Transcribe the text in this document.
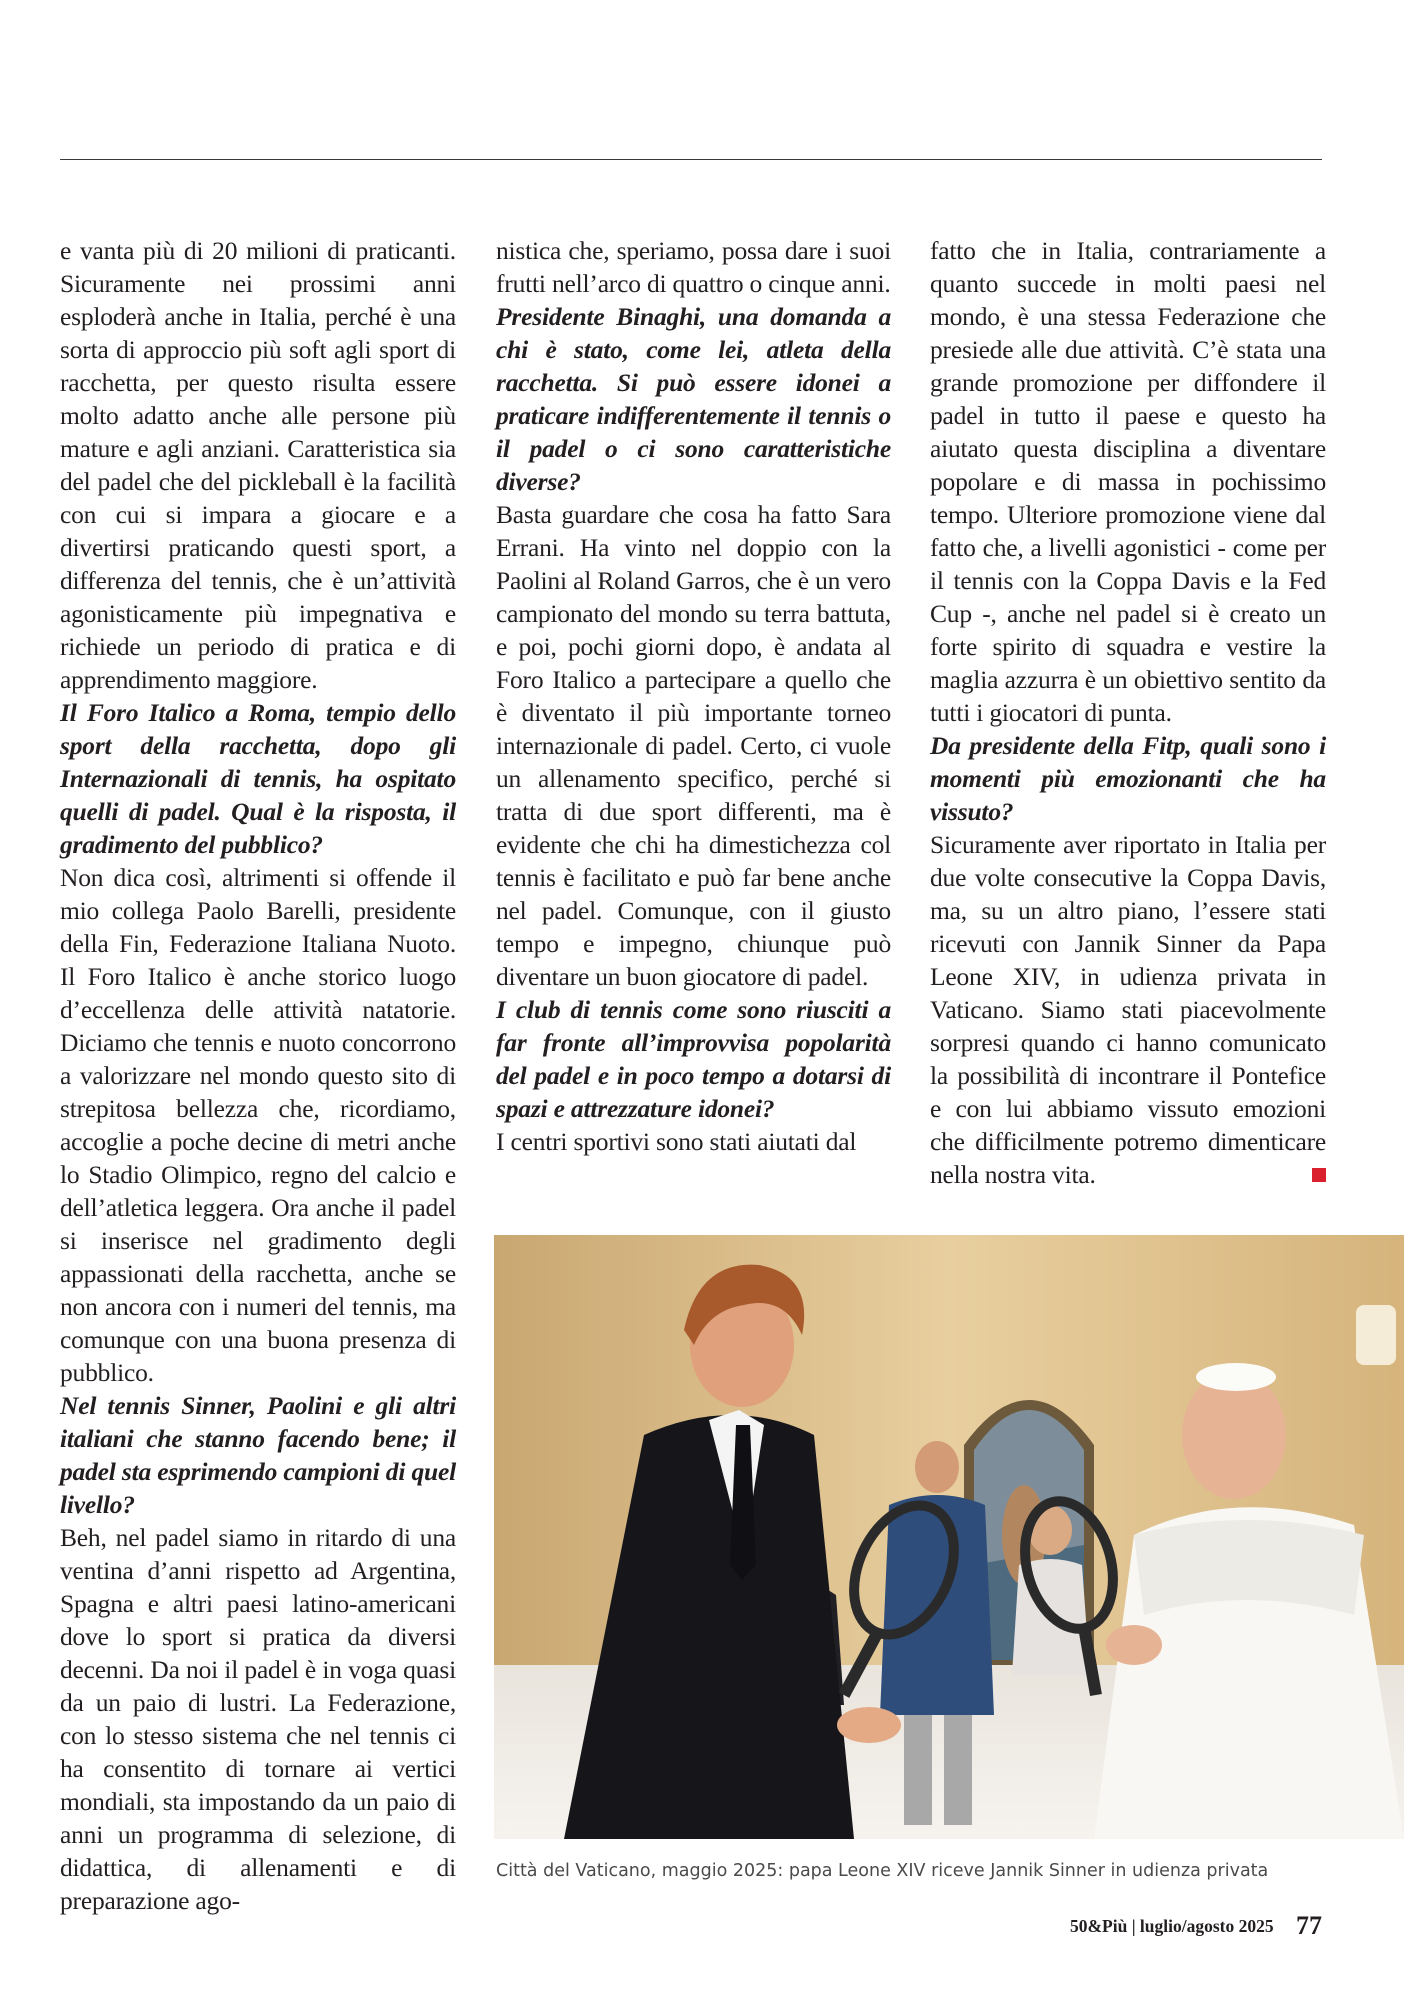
e vanta più di 20 milioni di praticanti. Sicuramente nei prossimi anni esploderà anche in Italia, perché è una sorta di approccio più soft agli sport di racchetta, per questo risulta essere molto adatto anche alle persone più mature e agli anziani. Caratteristica sia del padel che del pickleball è la facilità con cui si impara a giocare e a divertirsi praticando questi sport, a differenza del tennis, che è un’attività agonisticamente più impegnativa e richiede un periodo di pratica e di apprendimento maggiore.

Il Foro Italico a Roma, tempio dello sport della racchetta, dopo gli Internazionali di tennis, ha ospitato quelli di padel. Qual è la risposta, il gradimento del pubblico?

Non dica così, altrimenti si offende il mio collega Paolo Barelli, presidente della Fin, Federazione Italiana Nuoto. Il Foro Italico è anche storico luogo d’eccellenza delle attività natatorie. Diciamo che tennis e nuoto concorrono a valorizzare nel mondo questo sito di strepitosa bellezza che, ricordiamo, accoglie a poche decine di metri anche lo Stadio Olimpico, regno del calcio e dell’atletica leggera. Ora anche il padel si inserisce nel gradimento degli appassionati della racchetta, anche se non ancora con i numeri del tennis, ma comunque con una buona presenza di pubblico.

Nel tennis Sinner, Paolini e gli altri italiani che stanno facendo bene; il padel sta esprimendo campioni di quel livello?

Beh, nel padel siamo in ritardo di una ventina d’anni rispetto ad Argentina, Spagna e altri paesi latino-americani dove lo sport si pratica da diversi decenni. Da noi il padel è in voga quasi da un paio di lustri. La Federazione, con lo stesso sistema che nel tennis ci ha consentito di tornare ai vertici mondiali, sta impostando da un paio di anni un programma di selezione, di didattica, di allenamenti e di preparazione ago-

nistica che, speriamo, possa dare i suoi frutti nell’arco di quattro o cinque anni.

Presidente Binaghi, una domanda a chi è stato, come lei, atleta della racchetta. Si può essere idonei a praticare indifferentemente il tennis o il padel o ci sono caratteristiche diverse?

Basta guardare che cosa ha fatto Sara Errani. Ha vinto nel doppio con la Paolini al Roland Garros, che è un vero campionato del mondo su terra battuta, e poi, pochi giorni dopo, è andata al Foro Italico a partecipare a quello che è diventato il più importante torneo internazionale di padel. Certo, ci vuole un allenamento specifico, perché si tratta di due sport differenti, ma è evidente che chi ha dimestichezza col tennis è facilitato e può far bene anche nel padel. Comunque, con il giusto tempo e impegno, chiunque può diventare un buon giocatore di padel.

I club di tennis come sono riusciti a far fronte all’improvvisa popolarità del padel e in poco tempo a dotarsi di spazi e attrezzature idonei?

I centri sportivi sono stati aiutati dal

fatto che in Italia, contrariamente a quanto succede in molti paesi nel mondo, è una stessa Federazione che presiede alle due attività. C’è stata una grande promozione per diffondere il padel in tutto il paese e questo ha aiutato questa disciplina a diventare popolare e di massa in pochissimo tempo. Ulteriore promozione viene dal fatto che, a livelli agonistici - come per il tennis con la Coppa Davis e la Fed Cup -, anche nel padel si è creato un forte spirito di squadra e vestire la maglia azzurra è un obiettivo sentito da tutti i giocatori di punta.

Da presidente della Fitp, quali sono i momenti più emozionanti che ha vissuto?

Sicuramente aver riportato in Italia per due volte consecutive la Coppa Davis, ma, su un altro piano, l’essere stati ricevuti con Jannik Sinner da Papa Leone XIV, in udienza privata in Vaticano. Siamo stati piacevolmente sorpresi quando ci hanno comunicato la possibilità di incontrare il Pontefice e con lui abbiamo vissuto emozioni che difficilmente potremo dimenticare nella nostra vita.

Città del Vaticano, maggio 2025: papa Leone XIV riceve Jannik Sinner in udienza privata
50&Più | luglio/agosto 2025 77
